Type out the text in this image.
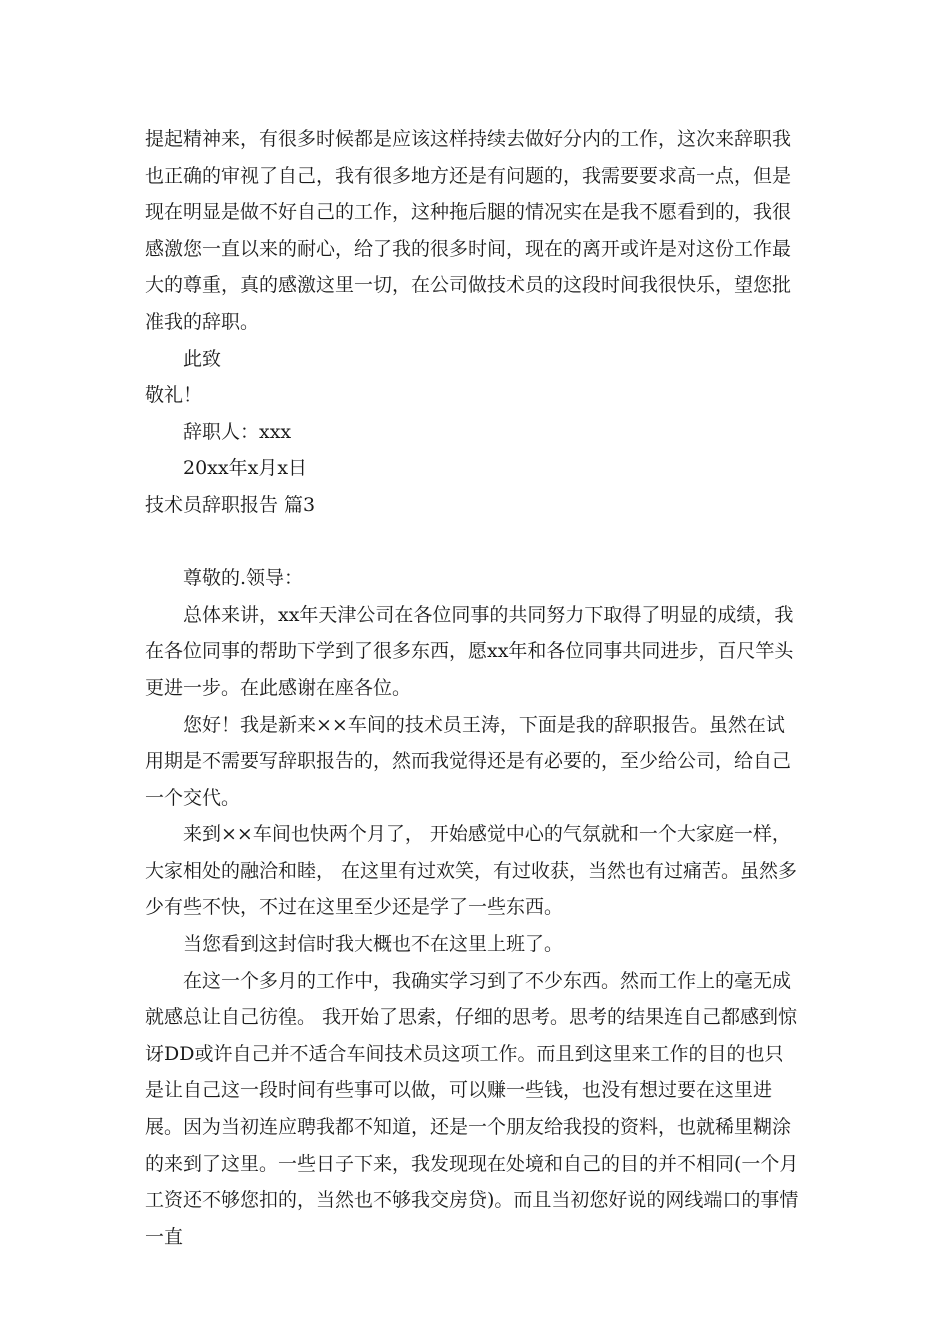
提起精神来，有很多时候都是应该这样持续去做好分内的工作，这次来辞职我也正确的审视了自己，我有很多地方还是有问题的，我需要要求高一点，但是现在明显是做不好自己的工作，这种拖后腿的情况实在是我不愿看到的，我很感激您一直以来的耐心，给了我的很多时间，现在的离开或许是对这份工作最大的尊重，真的感激这里一切，在公司做技术员的这段时间我很快乐，望您批准我的辞职。

此致

敬礼！

辞职人：xxx

20xx年x月x日

技术员辞职报告 篇3

尊敬的.领导：

总体来讲，xx年天津公司在各位同事的共同努力下取得了明显的成绩，我在各位同事的帮助下学到了很多东西，愿xx年和各位同事共同进步，百尺竿头更进一步。在此感谢在座各位。

您好！我是新来××车间的技术员王涛，下面是我的辞职报告。虽然在试用期是不需要写辞职报告的，然而我觉得还是有必要的，至少给公司，给自己一个交代。

来到××车间也快两个月了， 开始感觉中心的气氛就和一个大家庭一样，大家相处的融洽和睦， 在这里有过欢笑，有过收获，当然也有过痛苦。虽然多少有些不快，不过在这里至少还是学了一些东西。

当您看到这封信时我大概也不在这里上班了。

在这一个多月的工作中，我确实学习到了不少东西。然而工作上的毫无成就感总让自己彷徨。 我开始了思索，仔细的思考。思考的结果连自己都感到惊讶DD或许自己并不适合车间技术员这项工作。而且到这里来工作的目的也只是让自己这一段时间有些事可以做，可以赚一些钱，也没有想过要在这里进展。因为当初连应聘我都不知道，还是一个朋友给我投的资料，也就稀里糊涂的来到了这里。一些日子下来，我发现现在处境和自己的目的并不相同(一个月工资还不够您扣的，当然也不够我交房贷)。而且当初您好说的网线端口的事情一直
